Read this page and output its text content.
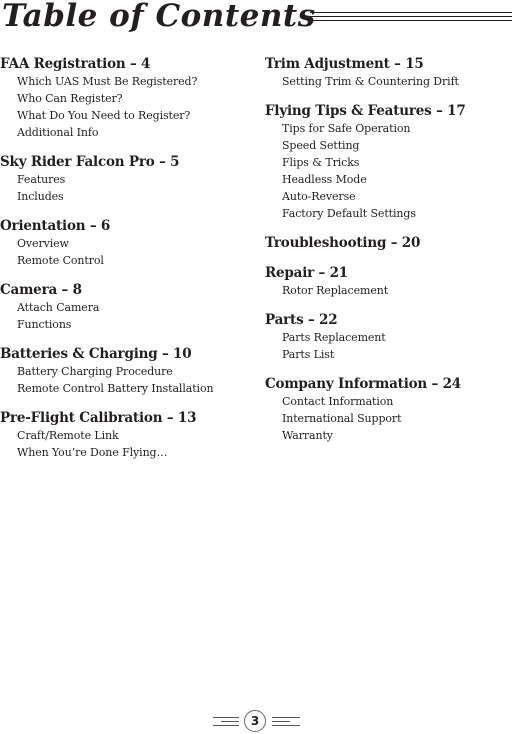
Table of Contents
FAA Registration – 4
Which UAS Must Be Registered?
Who Can Register?
What Do You Need to Register?
Additional Info
Sky Rider Falcon Pro – 5
Features
Includes
Orientation – 6
Overview
Remote Control
Camera – 8
Attach Camera
Functions
Batteries & Charging – 10
Battery Charging Procedure
Remote Control Battery Installation
Pre-Flight Calibration – 13
Craft/Remote Link
When You’re Done Flying…
Trim Adjustment – 15
Setting Trim & Countering Drift
Flying Tips & Features – 17
Tips for Safe Operation
Speed Setting
Flips & Tricks
Headless Mode
Auto-Reverse
Factory Default Settings
Troubleshooting – 20
Repair – 21
Rotor Replacement
Parts – 22
Parts Replacement
Parts List
Company Information – 24
Contact Information
International Support
Warranty
3
